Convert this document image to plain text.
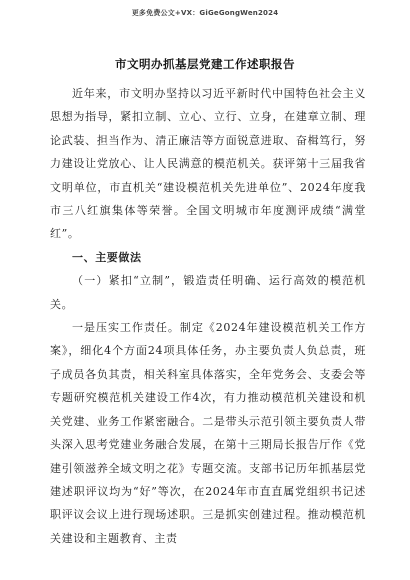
更多免费公文+VX：GiGeGongWen2024
市文明办抓基层党建工作述职报告

近年来，市文明办坚持以习近平新时代中国特色社会主义思想为指导，紧扣立制、立心、立行、立身，在建章立制、理论武装、担当作为、清正廉洁等方面锐意进取、奋楫笃行，努力建设让党放心、让人民满意的模范机关。获评第十三届我省文明单位，市直机关“建设模范机关先进单位”、2024年度我市三八红旗集体等荣誉。全国文明城市年度测评成绩“满堂红”。

一、主要做法

（一）紧扣“立制”，锻造责任明确、运行高效的模范机关。

一是压实工作责任。制定《2024年建设模范机关工作方案》，细化4个方面24项具体任务，办主要负责人负总责，班子成员各负其责，相关科室具体落实，全年党务会、支委会等专题研究模范机关建设工作4次，有力推动模范机关建设和机关党建、业务工作紧密融合。二是带头示范引领主要负责人带头深入思考党建业务融合发展，在第十三期局长报告厅作《党建引领滋养全域文明之花》专题交流。支部书记历年抓基层党建述职评议均为“好”等次，在2024年市直直属党组织书记述职评议会议上进行现场述职。三是抓实创建过程。推动模范机关建设和主题教育、主责
